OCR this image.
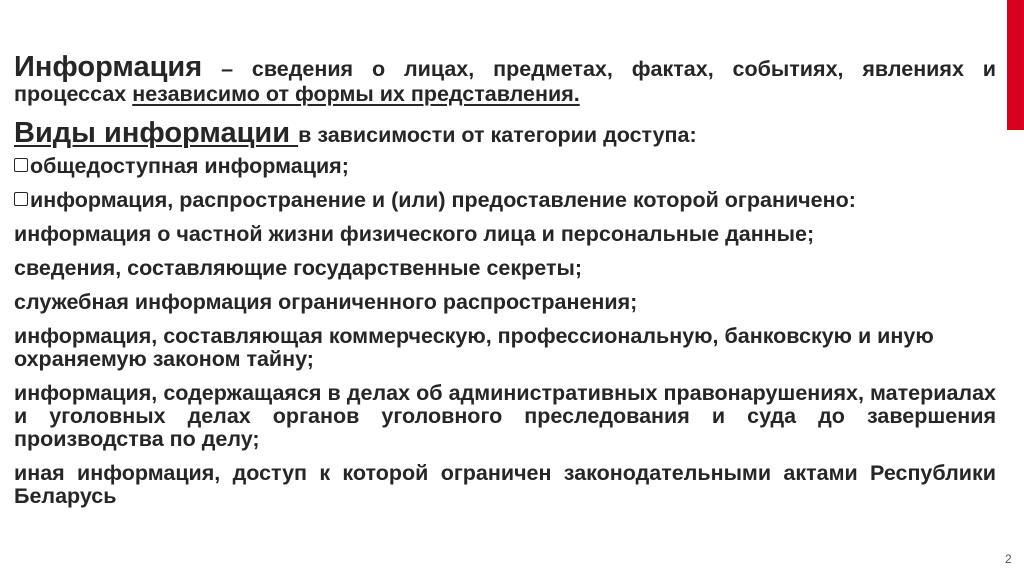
Информация – сведения о лицах, предметах, фактах, событиях, явлениях и процессах независимо от формы их представления.

Виды информации в зависимости от категории доступа:

общедоступная информация;

информация, распространение и (или) предоставление которой ограничено:

информация о частной жизни физического лица и персональные данные;

сведения, составляющие государственные секреты;

служебная информация ограниченного распространения;

информация, составляющая коммерческую, профессиональную, банковскую и иную охраняемую законом тайну;

информация, содержащаяся в делах об административных правонарушениях, материалах и уголовных делах органов уголовного преследования и суда до завершения производства по делу;

иная информация, доступ к которой ограничен законодательными актами Республики Беларусь

2
